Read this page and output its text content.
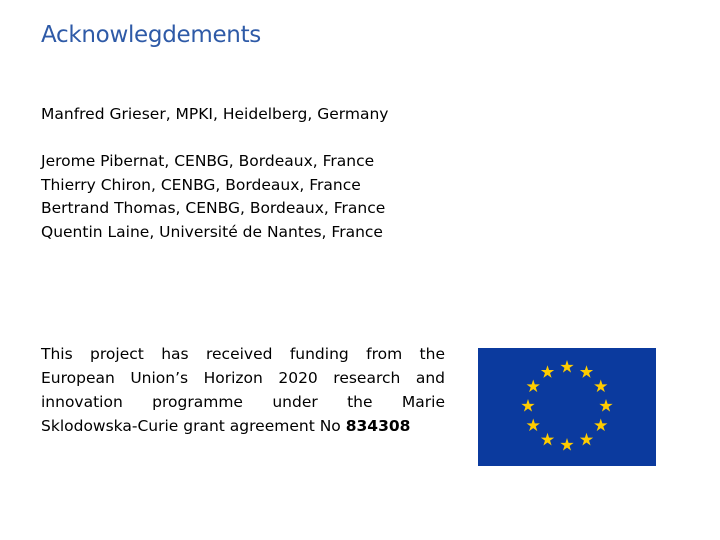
Acknowlegdements
Manfred Grieser, MPKI, Heidelberg, Germany
Jerome Pibernat, CENBG, Bordeaux, France
Thierry Chiron, CENBG, Bordeaux, France
Bertrand Thomas, CENBG, Bordeaux, France
Quentin Laine, Université de Nantes, France
This project has received funding from the European Union’s Horizon 2020 research and innovation programme under the Marie Sklodowska-Curie grant agreement No 834308
